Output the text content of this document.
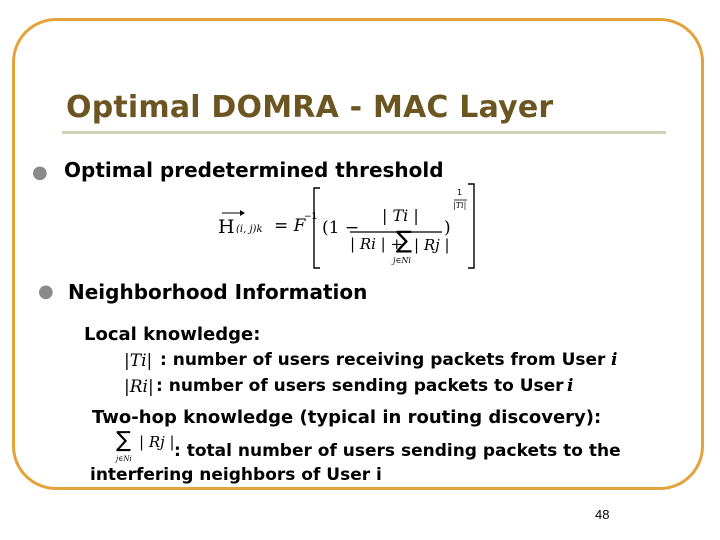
Optimal DOMRA - MAC Layer
● Optimal predetermined threshold
H (i, j)k = F
−1
(1 −
| Ti |
| Ri | +
∑ | Rj |
j∈Ni
)
1
|Ti|
● Neighborhood Information
Local knowledge:
|Ti| : number of users receiving packets from User i
|Ri| : number of users sending packets to User i
Two-hop knowledge (typical in routing discovery):
∑
j∈Ni
| Rj | : total number of users sending packets to the
interfering neighbors of User i
48
